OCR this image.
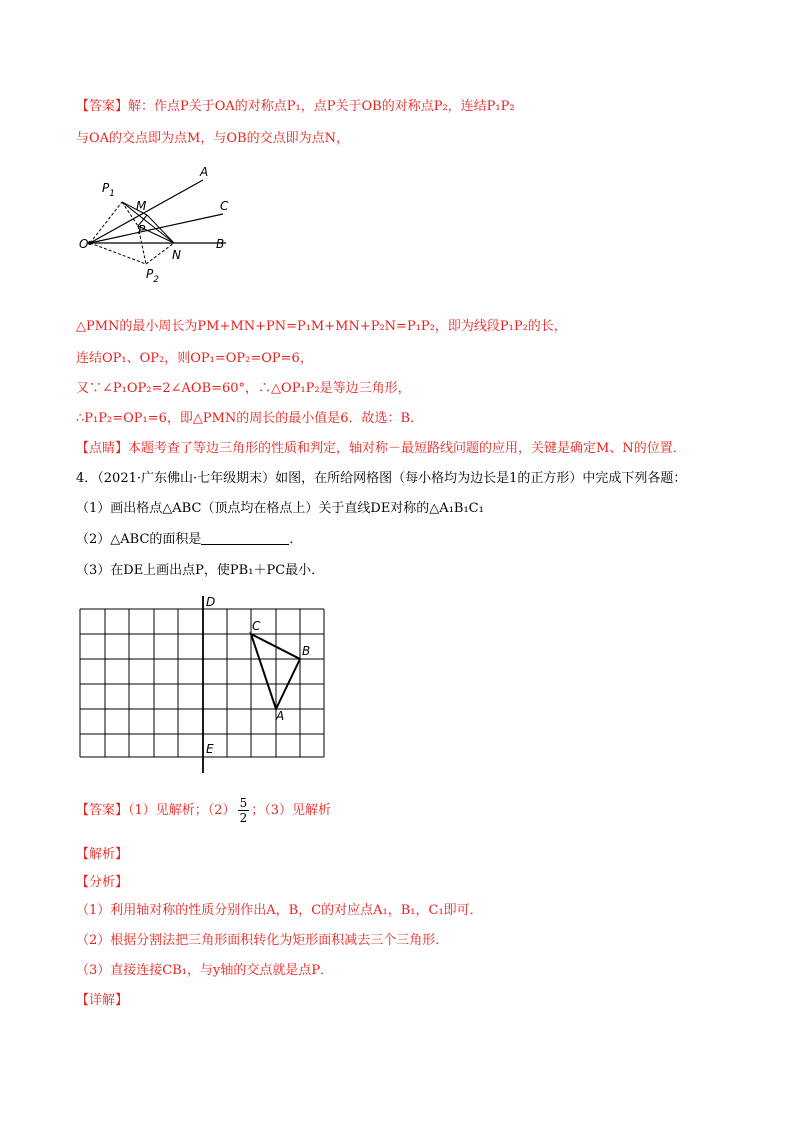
【答案】解：作点P关于OA的对称点P₁，点P关于OB的对称点P₂，连结P₁P₂
与OA的交点即为点M，与OB的交点即为点N，
A
C
B
O
$P_1$
M
P
N
$P_2$
△PMN的最小周长为PM+MN+PN=P₁M+MN+P₂N=P₁P₂，即为线段P₁P₂的长，
连结OP₁、OP₂，则OP₁=OP₂=OP=6，
又∵∠P₁OP₂=2∠AOB=60°，∴△OP₁P₂是等边三角形，
∴P₁P₂=OP₁=6，即△PMN的周长的最小值是6．故选：B．
【点睛】本题考查了等边三角形的性质和判定，轴对称－最短路线问题的应用，关键是确定M、N的位置．
4．（2021·广东佛山·七年级期末）如图，在所给网格图（每小格均为边长是1的正方形）中完成下列各题：
（1）画出格点△ABC（顶点均在格点上）关于直线DE对称的△A₁B₁C₁
（2）△ABC的面积是	．
（3）在DE上画出点P，使PB₁＋PC最小．
D
E
C
B
A
【答案】（1）见解析；$(2) \frac{5}{2}$ ；（3）见解析
【解析】
【分析】
（1）利用轴对称的性质分别作出A，B，C的对应点A₁，B₁，C₁即可．
（2）根据分割法把三角形面积转化为矩形面积减去三个三角形．
（3）直接连接CB₁，与y轴的交点就是点P．
【详解】
